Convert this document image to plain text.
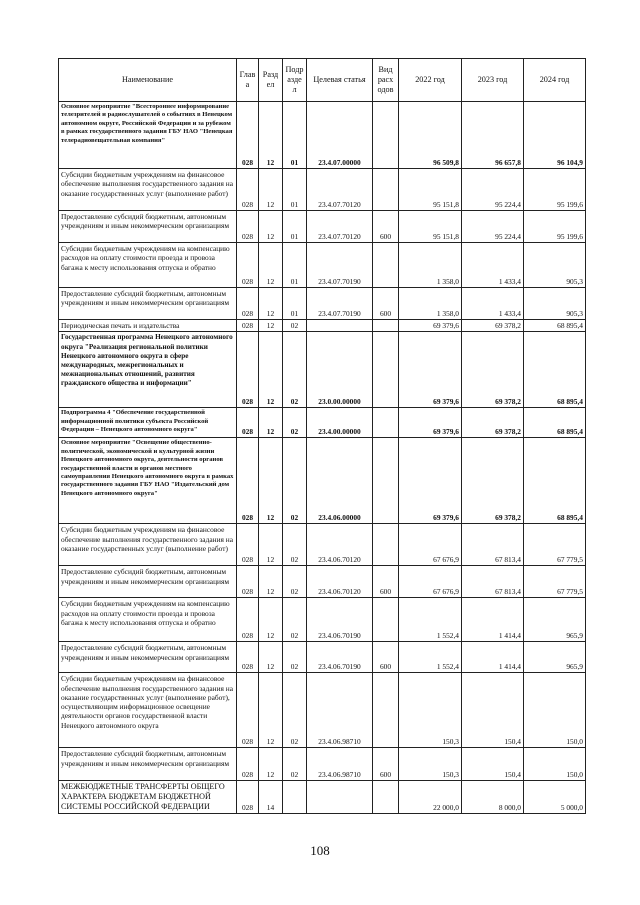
Наименование	Глав а	Разд ел	Подр азде л	Целевая статья	Вид расх одов	2022 год	2023 год	2024 год
Основное мероприятие "Всестороннее информирование телезрителей и радиослушателей о событиях в Ненецком автономном округе, Российской Федерации и за рубежом в рамках государственного задания ГБУ НАО "Ненецкая телерадиовещательная компания"	028	12	01	23.4.07.00000		96 509,8	96 657,8	96 104,9
Субсидии бюджетным учреждениям на финансовое обеспечение выполнения государственного задания на оказание государственных услуг (выполнение работ)	028	12	01	23.4.07.70120		95 151,8	95 224,4	95 199,6
Предоставление субсидий бюджетным, автономным учреждениям и иным некоммерческим организациям	028	12	01	23.4.07.70120	600	95 151,8	95 224,4	95 199,6
Субсидии бюджетным учреждениям на компенсацию расходов на оплату стоимости проезда и провоза багажа к месту использования отпуска и обратно	028	12	01	23.4.07.70190		1 358,0	1 433,4	905,3
Предоставление субсидий бюджетным, автономным учреждениям и иным некоммерческим организациям	028	12	01	23.4.07.70190	600	1 358,0	1 433,4	905,3
Периодическая печать и издательства	028	12	02			69 379,6	69 378,2	68 895,4
Государственная программа Ненецкого автономного округа "Реализация региональной политики Ненецкого автономного округа в сфере международных, межрегиональных и межнациональных отношений, развития гражданского общества и информации"	028	12	02	23.0.00.00000		69 379,6	69 378,2	68 895,4
Подпрограмма 4 "Обеспечение государственной информационной политики субъекта Российской Федерации – Ненецкого автономного округа"	028	12	02	23.4.00.00000		69 379,6	69 378,2	68 895,4
Основное мероприятие "Освещение общественно-политической, экономической и культурной жизни Ненецкого автономного округа, деятельности органов государственной власти и органов местного самоуправления Ненецкого автономного округа в рамках государственного задания ГБУ НАО "Издательский дом Ненецкого автономного округа"	028	12	02	23.4.06.00000		69 379,6	69 378,2	68 895,4
Субсидии бюджетным учреждениям на финансовое обеспечение выполнения государственного задания на оказание государственных услуг (выполнение работ)	028	12	02	23.4.06.70120		67 676,9	67 813,4	67 779,5
Предоставление субсидий бюджетным, автономным учреждениям и иным некоммерческим организациям	028	12	02	23.4.06.70120	600	67 676,9	67 813,4	67 779,5
Субсидии бюджетным учреждениям на компенсацию расходов на оплату стоимости проезда и провоза багажа к месту использования отпуска и обратно	028	12	02	23.4.06.70190		1 552,4	1 414,4	965,9
Предоставление субсидий бюджетным, автономным учреждениям и иным некоммерческим организациям	028	12	02	23.4.06.70190	600	1 552,4	1 414,4	965,9
Субсидии бюджетным учреждениям на финансовое обеспечение выполнения государственного задания на оказание государственных услуг (выполнение работ), осуществляющим информационное освещение деятельности органов государственной власти Ненецкого автономного округа	028	12	02	23.4.06.98710		150,3	150,4	150,0
Предоставление субсидий бюджетным, автономным учреждениям и иным некоммерческим организациям	028	12	02	23.4.06.98710	600	150,3	150,4	150,0
МЕЖБЮДЖЕТНЫЕ ТРАНСФЕРТЫ ОБЩЕГО ХАРАКТЕРА БЮДЖЕТАМ БЮДЖЕТНОЙ СИСТЕМЫ РОССИЙСКОЙ ФЕДЕРАЦИИ	028	14				22 000,0	8 000,0	5 000,0
108
